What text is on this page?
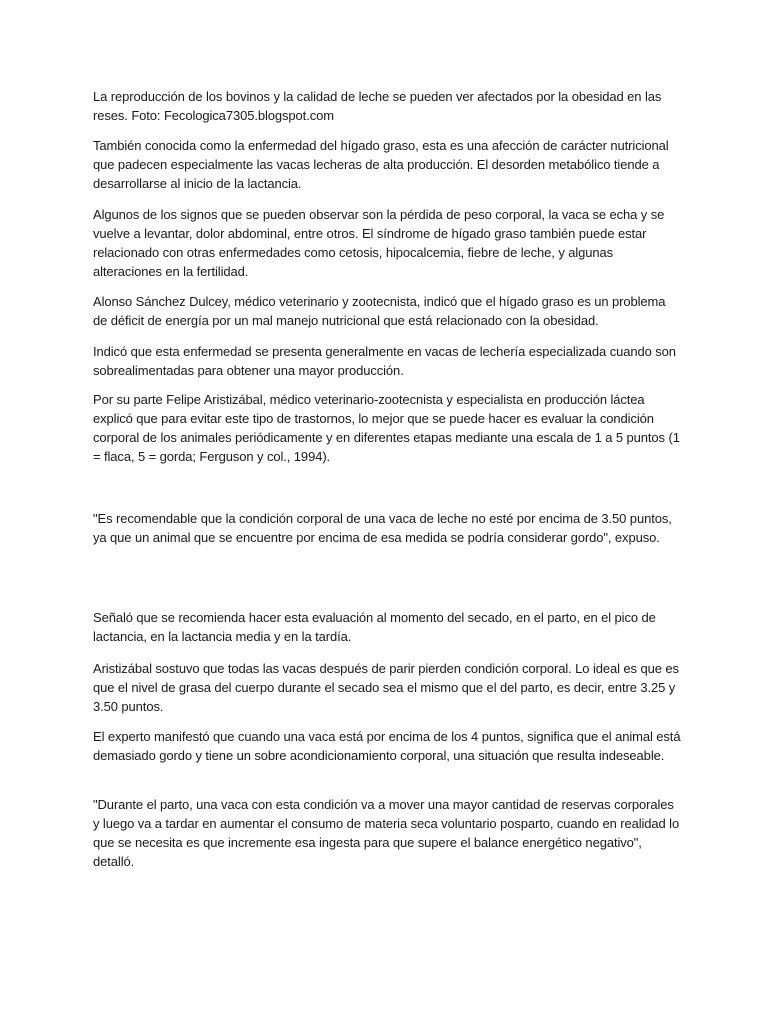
La reproducción de los bovinos y la calidad de leche se pueden ver afectados por la obesidad en las reses. Foto: Fecologica7305.blogspot.com

También conocida como la enfermedad del hígado graso, esta es una afección de carácter nutricional que padecen especialmente las vacas lecheras de alta producción. El desorden metabólico tiende a desarrollarse al inicio de la lactancia.

Algunos de los signos que se pueden observar son la pérdida de peso corporal, la vaca se echa y se vuelve a levantar, dolor abdominal, entre otros. El síndrome de hígado graso también puede estar relacionado con otras enfermedades como cetosis, hipocalcemia, fiebre de leche, y algunas alteraciones en la fertilidad.

Alonso Sánchez Dulcey, médico veterinario y zootecnista, indicó que el hígado graso es un problema de déficit de energía por un mal manejo nutricional que está relacionado con la obesidad.

Indicó que esta enfermedad se presenta generalmente en vacas de lechería especializada cuando son sobrealimentadas para obtener una mayor producción.

Por su parte Felipe Aristizábal, médico veterinario-zootecnista y especialista en producción láctea explicó que para evitar este tipo de trastornos, lo mejor que se puede hacer es evaluar la condición corporal de los animales periódicamente y en diferentes etapas mediante una escala de 1 a 5 puntos (1 = flaca, 5 = gorda; Ferguson y col., 1994).

"Es recomendable que la condición corporal de una vaca de leche no esté por encima de 3.50 puntos, ya que un animal que se encuentre por encima de esa medida se podría considerar gordo", expuso.

Señaló que se recomienda hacer esta evaluación al momento del secado, en el parto, en el pico de lactancia, en la lactancia media y en la tardía.

Aristizábal sostuvo que todas las vacas después de parir pierden condición corporal. Lo ideal es que es que el nivel de grasa del cuerpo durante el secado sea el mismo que el del parto, es decir, entre 3.25 y 3.50 puntos.

El experto manifestó que cuando una vaca está por encima de los 4 puntos, significa que el animal está demasiado gordo y tiene un sobre acondicionamiento corporal, una situación que resulta indeseable.

"Durante el parto, una vaca con esta condición va a mover una mayor cantidad de reservas corporales y luego va a tardar en aumentar el consumo de materia seca voluntario posparto, cuando en realidad lo que se necesita es que incremente esa ingesta para que supere el balance energético negativo", detalló.
